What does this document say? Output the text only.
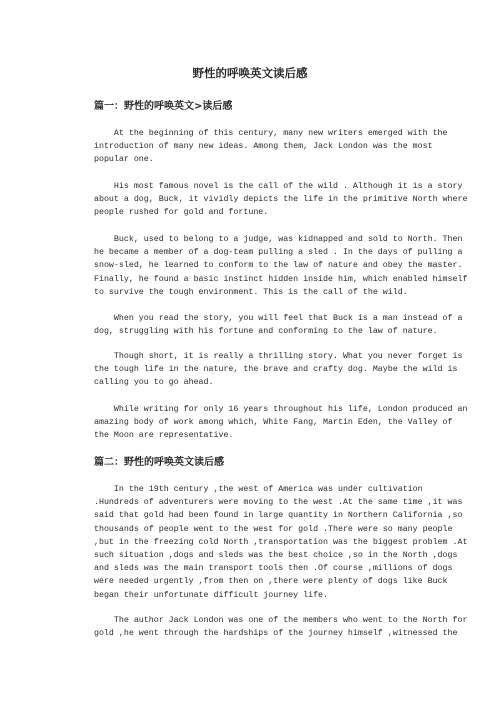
野性的呼唤英文读后感
篇一：野性的呼唤英文>读后感
At the beginning of this century, many new writers emerged with the
introduction of many new ideas. Among them, Jack London was the most
popular one.
His most famous novel is the call of the wild . Although it is a story
about a dog, Buck, it vividly depicts the life in the primitive North where
people rushed for gold and fortune.
Buck, used to belong to a judge, was kidnapped and sold to North. Then
he became a member of a dog-team pulling a sled . In the days of pulling a
snow-sled, he learned to conform to the law of nature and obey the master.
Finally, he found a basic instinct hidden inside him, which enabled himself
to survive the tough environment. This is the call of the wild.
When you read the story, you will feel that Buck is a man instead of a
dog, struggling with his fortune and conforming to the law of nature.
Though short, it is really a thrilling story. What you never forget is
the tough life in the nature, the brave and crafty dog. Maybe the wild is
calling you to go ahead.
While writing for only 16 years throughout his life, London produced an
amazing body of work among which, White Fang, Martin Eden, the Valley of
the Moon are representative.
篇二：野性的呼唤英文读后感
In the 19th century ,the west of America was under cultivation
.Hundreds of adventurers were moving to the west .At the same time ,it was
said that gold had been found in large quantity in Northern California ,so
thousands of people went to the west for gold .There were so many people
,but in the freezing cold North ,transportation was the biggest problem .At
such situation ,dogs and sleds was the best choice ,so in the North ,dogs
and sleds was the main transport tools then .Of course ,millions of dogs
were needed urgently ,from then on ,there were plenty of dogs like Buck
began their unfortunate difficult journey life.
The author Jack London was one of the members who went to the North for
gold ,he went through the hardships of the journey himself ,witnessed the
